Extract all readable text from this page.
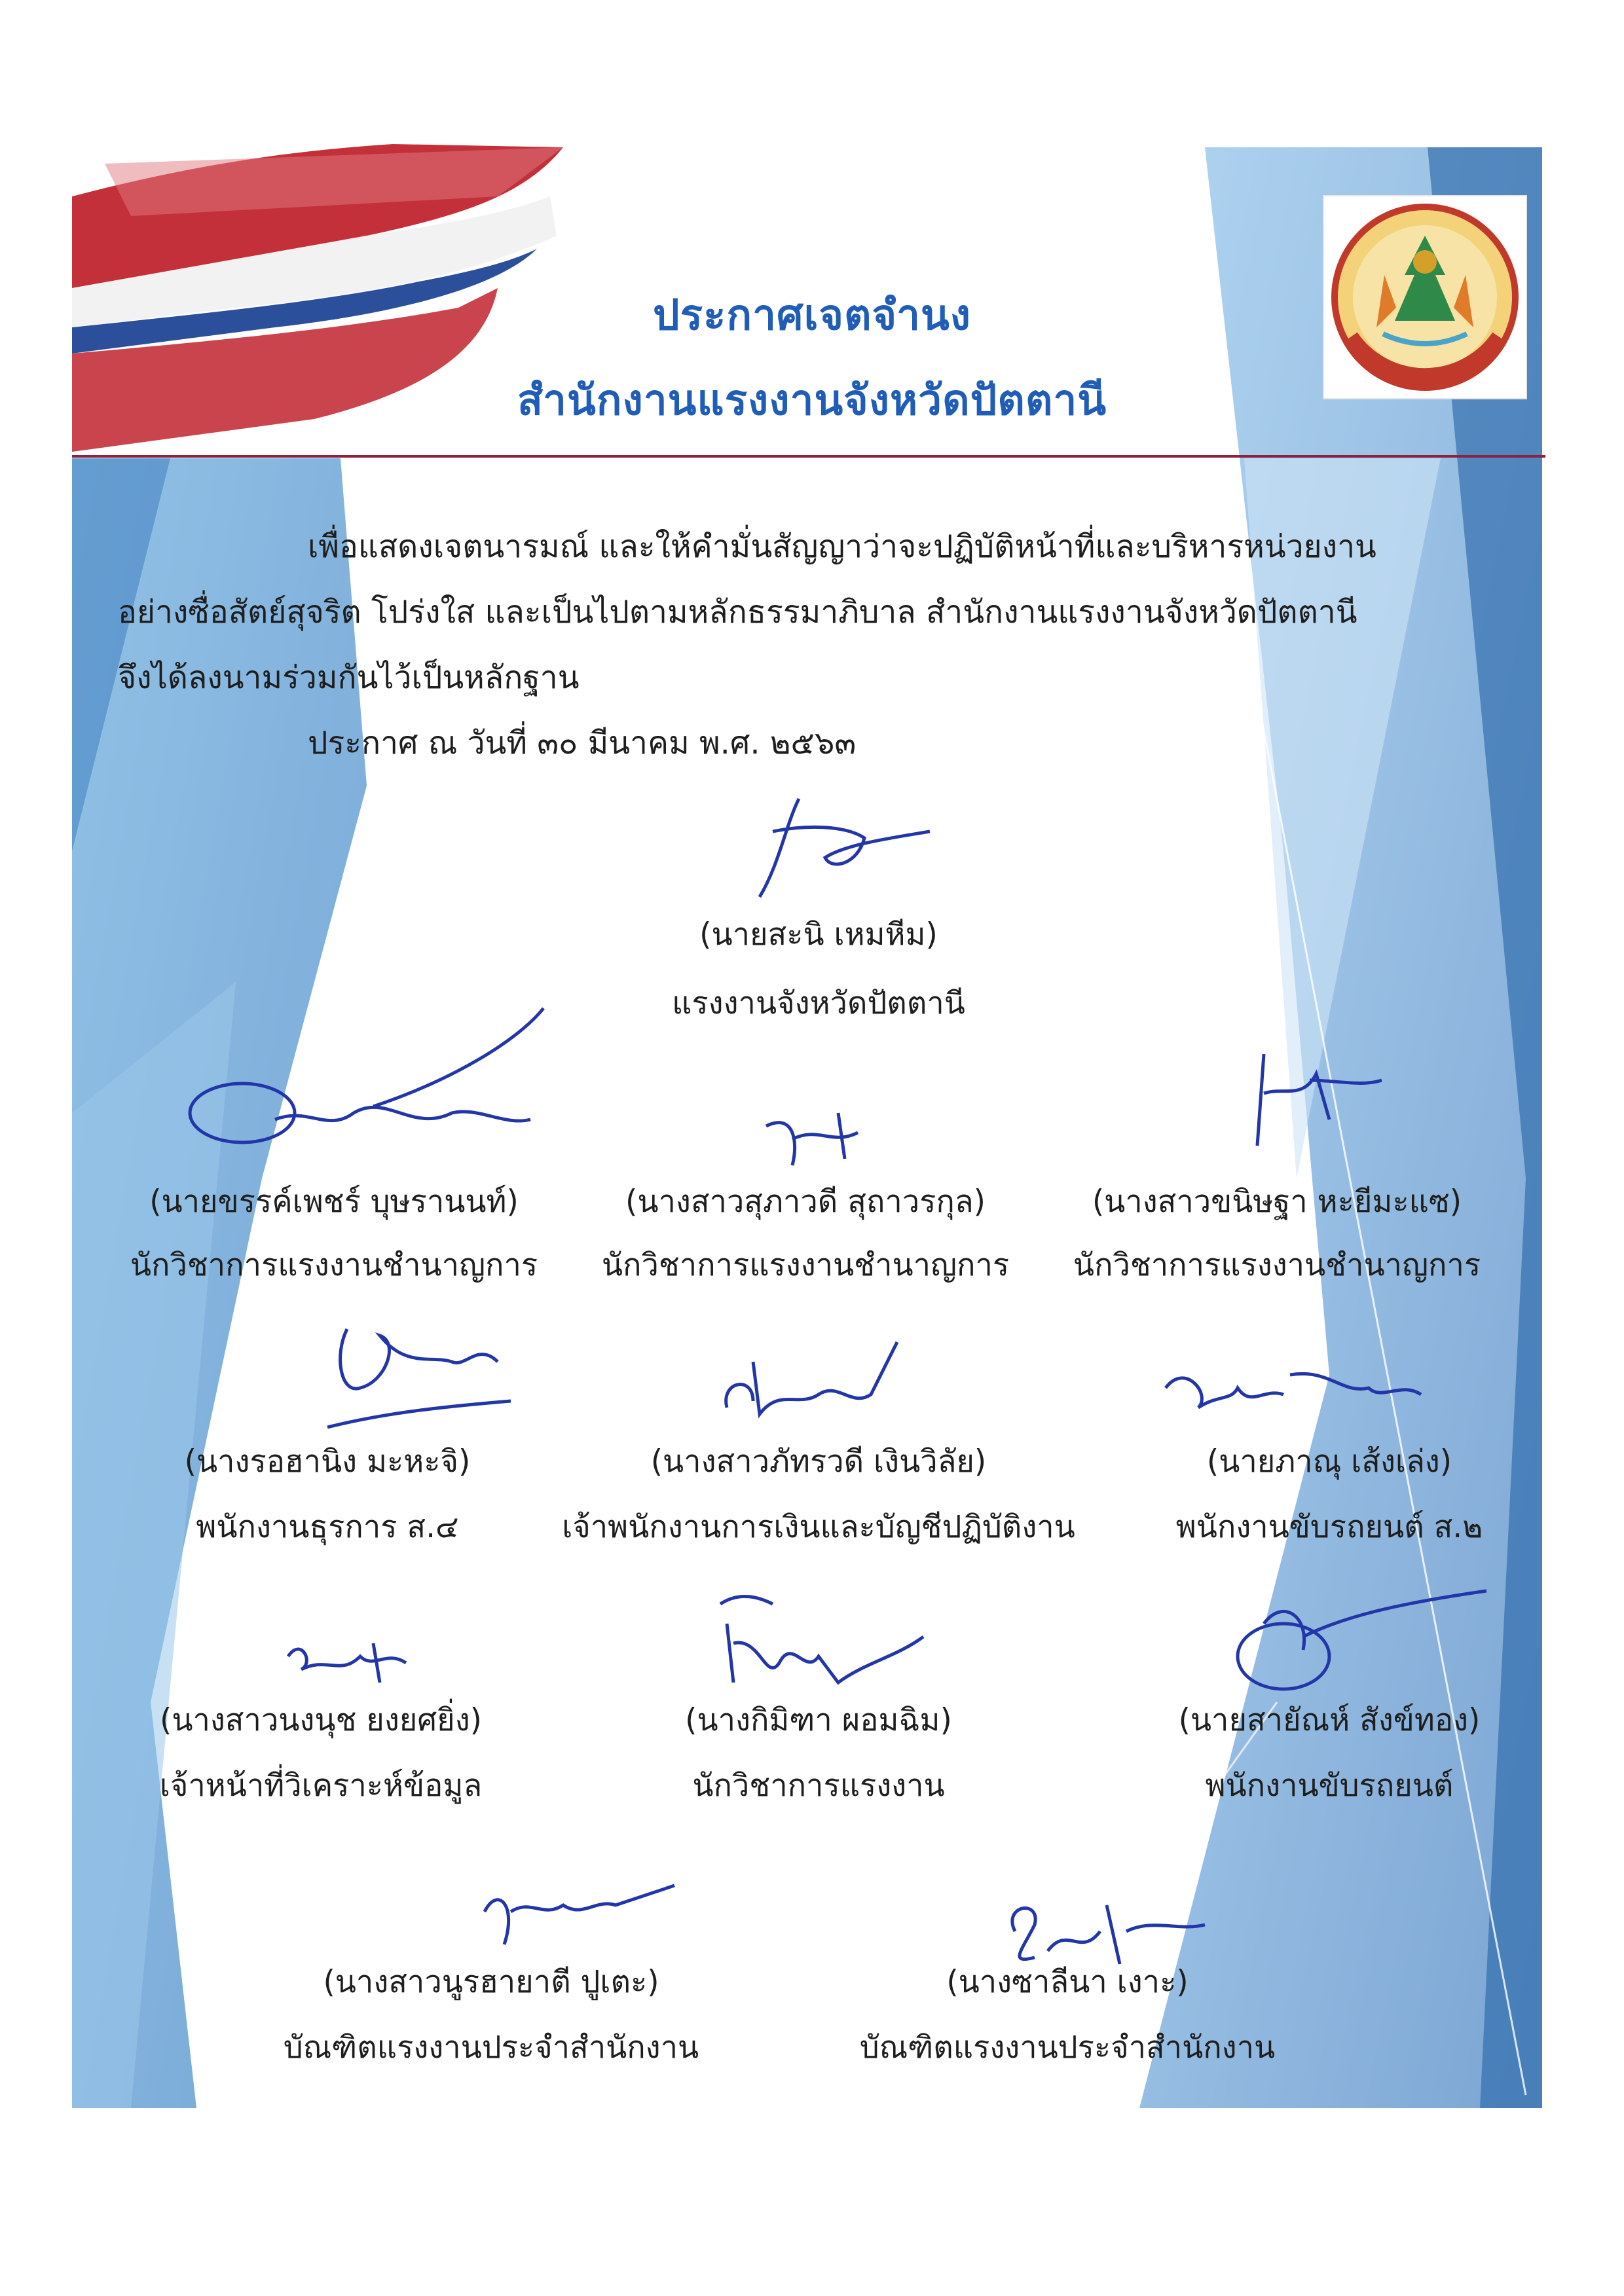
ประกาศเจตจำนง
สำนักงานแรงงานจังหวัดปัตตานี
เพื่อแสดงเจตนารมณ์ และให้คำมั่นสัญญาว่าจะปฏิบัติหน้าที่และบริหารหน่วยงาน
อย่างซื่อสัตย์สุจริต โปร่งใส และเป็นไปตามหลักธรรมาภิบาล สำนักงานแรงงานจังหวัดปัตตานี
จึงได้ลงนามร่วมกันไว้เป็นหลักฐาน
ประกาศ ณ วันที่ ๓๐ มีนาคม พ.ศ. ๒๕๖๓
(นายสะนิ เหมหีม)
แรงงานจังหวัดปัตตานี
(นายขรรค์เพชร์ บุษรานนท์)
นักวิชาการแรงงานชำนาญการ
(นางสาวสุภาวดี สุถาวรกุล)
นักวิชาการแรงงานชำนาญการ
(นางสาวขนิษฐา หะยีมะแซ)
นักวิชาการแรงงานชำนาญการ
(นางรอฮานิง มะหะจิ)
พนักงานธุรการ ส.๔
(นางสาวภัทรวดี เงินวิลัย)
เจ้าพนักงานการเงินและบัญชีปฏิบัติงาน
(นายภาณุ เส้งเล่ง)
พนักงานขับรถยนต์ ส.๒
(นางสาวนงนุช ยงยศยิ่ง)
เจ้าหน้าที่วิเคราะห์ข้อมูล
(นางกิมิฑา ผอมฉิม)
นักวิชาการแรงงาน
(นายสายัณห์ สังข์ทอง)
พนักงานขับรถยนต์
(นางสาวนูรฮายาตี ปูเตะ)
บัณฑิตแรงงานประจำสำนักงาน
(นางซาลีนา เงาะ)
บัณฑิตแรงงานประจำสำนักงาน
